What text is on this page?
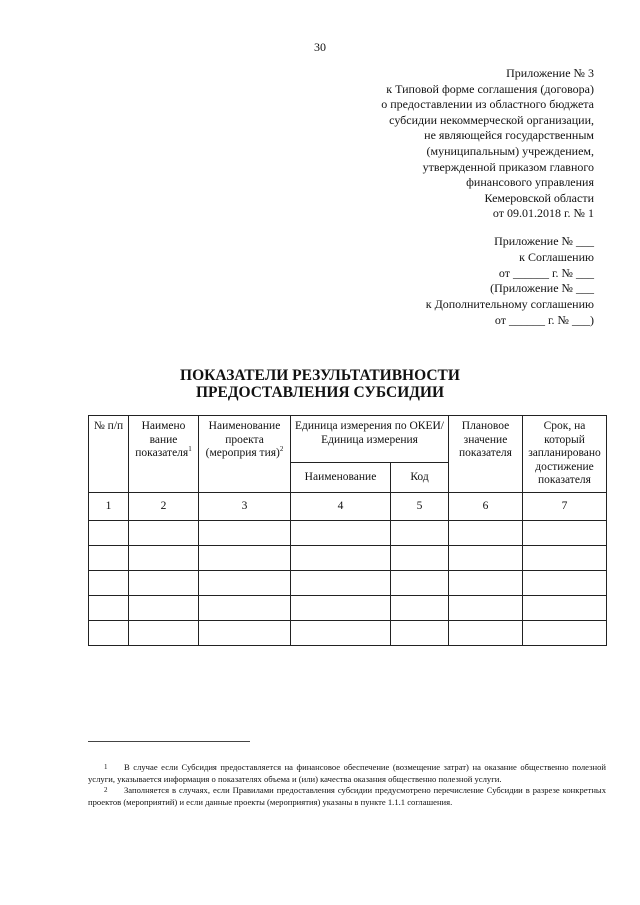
30
Приложение № 3
к Типовой форме соглашения (договора)
о предоставлении из областного бюджета
субсидии некоммерческой организации,
не являющейся государственным
(муниципальным) учреждением,
утвержденной приказом главного
финансового управления
Кемеровской области
от 09.01.2018 г. № 1
Приложение № ___
к Соглашению
от ______ г. № ___
(Приложение № ___
к Дополнительному соглашению
от ______ г. № ___)
ПОКАЗАТЕЛИ РЕЗУЛЬТАТИВНОСТИ
ПРЕДОСТАВЛЕНИЯ СУБСИДИИ
№ п/п	Наимено вание показателя$^1$	Наименование проекта (мероприя тия)$^2$	Единица измерения по ОКЕИ/Единица измерения		Плановое значение показателя	Срок, на который запланировано достижение показателя
			Наименование	Код		
1	2	3	4	5	6	7

1 В случае если Субсидия предоставляется на финансовое обеспечение (возмещение затрат) на оказание общественно полезной услуги, указывается информация о показателях объема и (или) качества оказания общественно полезной услуги.

2 Заполняется в случаях, если Правилами предоставления субсидии предусмотрено перечисление Субсидии в разрезе конкретных проектов (мероприятий) и если данные проекты (мероприятия) указаны в пункте 1.1.1 соглашения.
